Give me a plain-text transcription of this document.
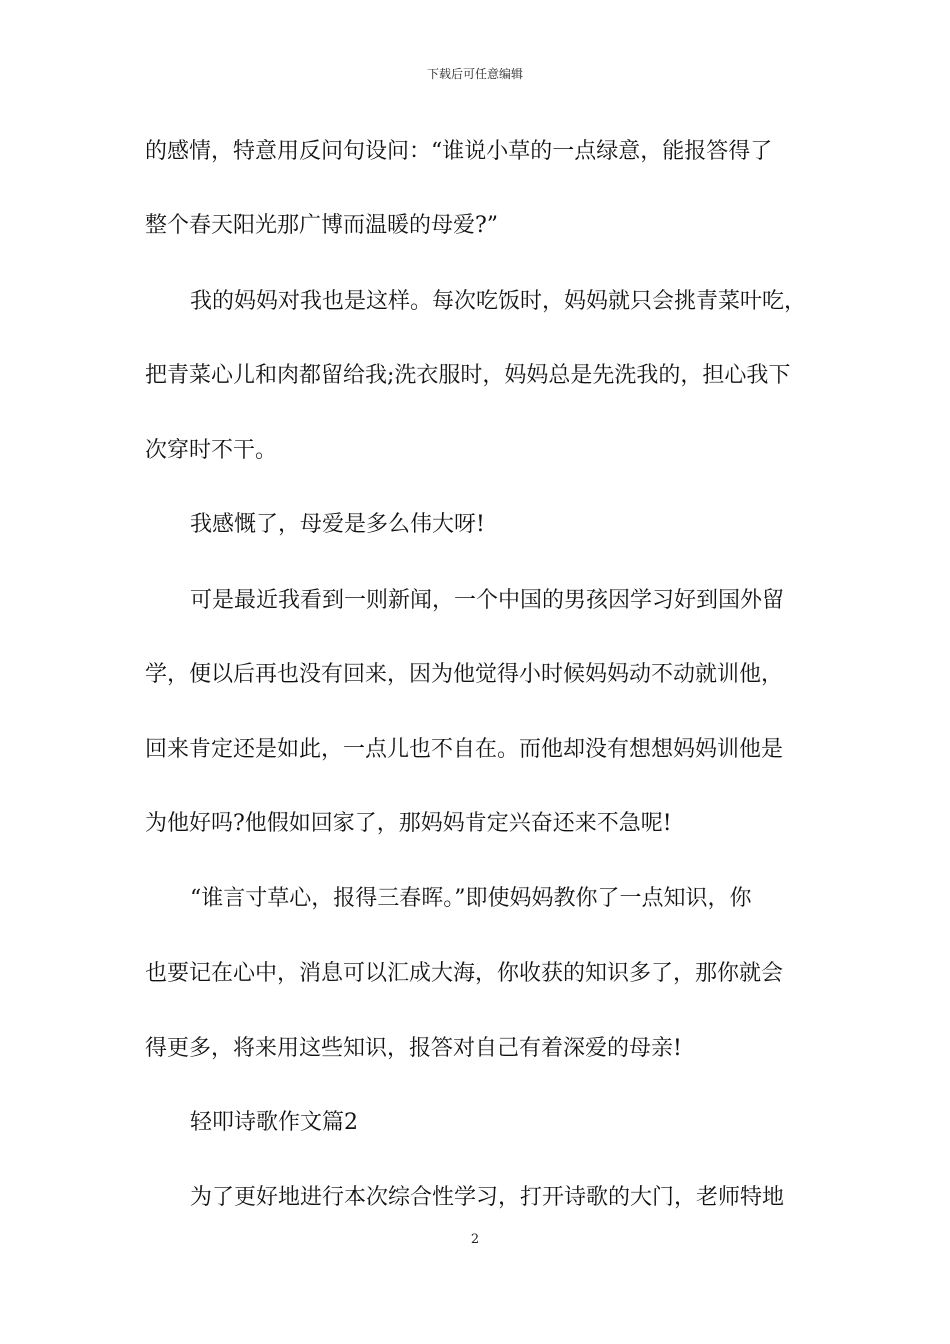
下载后可任意编辑
的感情，特意用反问句设问：“谁说小草的一点绿意，能报答得了
整个春天阳光那广博而温暖的母爱?”
我的妈妈对我也是这样。每次吃饭时，妈妈就只会挑青菜叶吃，
把青菜心儿和肉都留给我;洗衣服时，妈妈总是先洗我的，担心我下
次穿时不干。
我感慨了，母爱是多么伟大呀!
可是最近我看到一则新闻，一个中国的男孩因学习好到国外留
学，便以后再也没有回来，因为他觉得小时候妈妈动不动就训他，
回来肯定还是如此，一点儿也不自在。而他却没有想想妈妈训他是
为他好吗?他假如回家了，那妈妈肯定兴奋还来不急呢!
“谁言寸草心，报得三春晖。”即使妈妈教你了一点知识，你
也要记在心中，消息可以汇成大海，你收获的知识多了，那你就会
得更多，将来用这些知识，报答对自己有着深爱的母亲!
轻叩诗歌作文篇2
为了更好地进行本次综合性学习，打开诗歌的大门，老师特地
2
